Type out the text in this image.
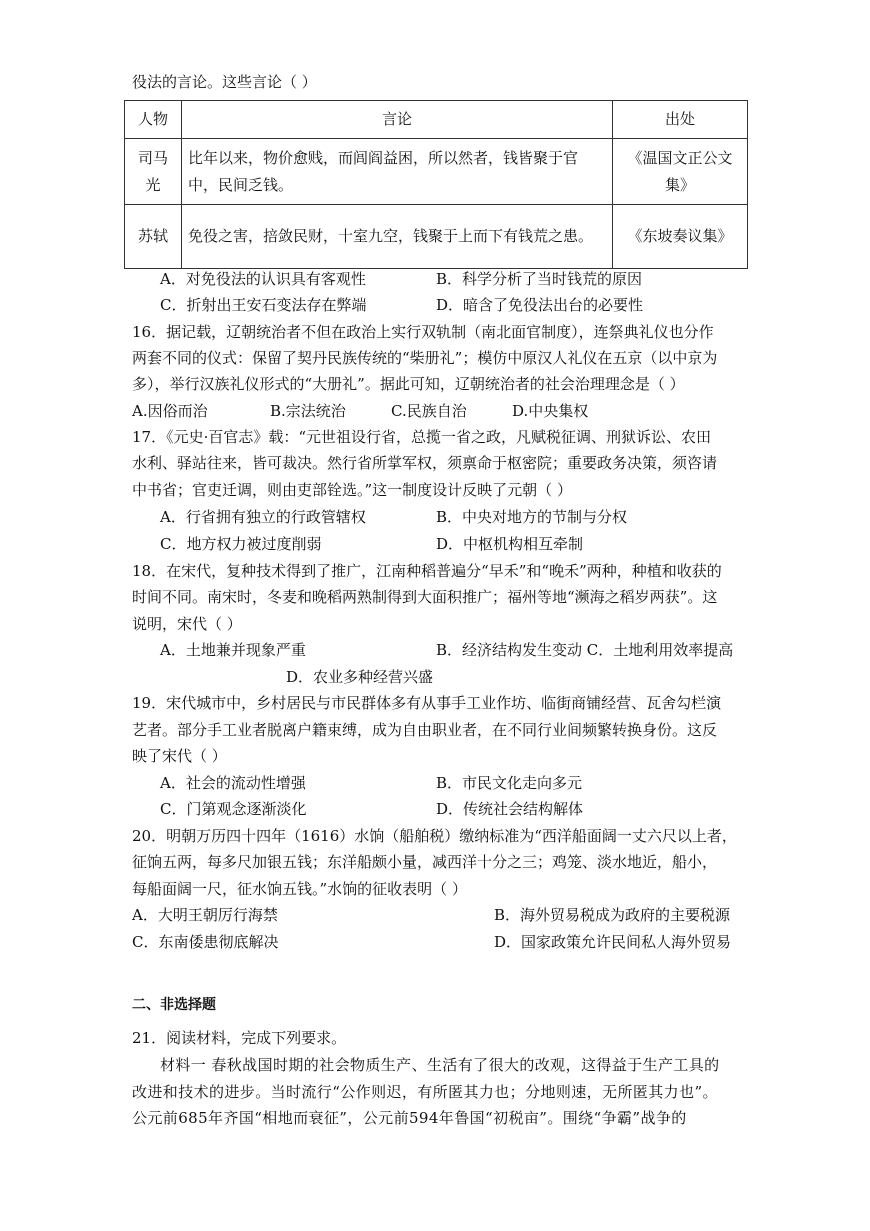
役法的言论。这些言论（ ）
人物	言论	出处
司马光	比年以来，物价愈贱，而闾阎益困，所以然者，钱皆聚于官中，民间乏钱。	《温国文正公文集》
苏轼	免役之害，掊敛民财，十室九空，钱聚于上而下有钱荒之患。	《东坡奏议集》
A．对免役法的认识具有客观性	B．科学分析了当时钱荒的原因
C．折射出王安石变法存在弊端	D．暗含了免役法出台的必要性
16．据记载，辽朝统治者不但在政治上实行双轨制（南北面官制度），连祭典礼仪也分作
两套不同的仪式：保留了契丹民族传统的“柴册礼”；模仿中原汉人礼仪在五京（以中京为
多），举行汉族礼仪形式的“大册礼”。据此可知，辽朝统治者的社会治理理念是（ ）
A.因俗而治	B.宗法统治	C.民族自治	D.中央集权
17．《元史·百官志》载：“元世祖设行省，总揽一省之政，凡赋税征调、刑狱诉讼、农田
水利、驿站往来，皆可裁决。然行省所掌军权，须禀命于枢密院；重要政务决策，须咨请
中书省；官吏迁调，则由吏部铨选。”这一制度设计反映了元朝（ ）
A．行省拥有独立的行政管辖权	B．中央对地方的节制与分权
C．地方权力被过度削弱	D．中枢机构相互牵制
18．在宋代，复种技术得到了推广，江南种稻普遍分“早禾”和“晚禾”两种，种植和收获的
时间不同。南宋时，冬麦和晚稻两熟制得到大面积推广；福州等地“濒海之稻岁两获”。这
说明，宋代（ ）
A．土地兼并现象严重	B．经济结构发生变动 C．土地利用效率提高
D．农业多种经营兴盛
19．宋代城市中，乡村居民与市民群体多有从事手工业作坊、临街商铺经营、瓦舍勾栏演
艺者。部分手工业者脱离户籍束缚，成为自由职业者，在不同行业间频繁转换身份。这反
映了宋代（ ）
A．社会的流动性增强	B．市民文化走向多元
C．门第观念逐渐淡化	D．传统社会结构解体
20．明朝万历四十四年（1616）水饷（船舶税）缴纳标准为“西洋船面阔一丈六尺以上者，
征饷五两，每多尺加银五钱；东洋船颇小量，减西洋十分之三；鸡笼、淡水地近，船小，
每船面阔一尺，征水饷五钱。”水饷的征收表明（ ）
A．大明王朝厉行海禁	B．海外贸易税成为政府的主要税源
C．东南倭患彻底解决	D．国家政策允许民间私人海外贸易
二、非选择题
21．阅读材料，完成下列要求。
材料一 春秋战国时期的社会物质生产、生活有了很大的改观，这得益于生产工具的
改进和技术的进步。当时流行“公作则迟，有所匿其力也；分地则速，无所匿其力也”。
公元前685年齐国“相地而衰征”，公元前594年鲁国“初税亩”。围绕“争霸”战争的
